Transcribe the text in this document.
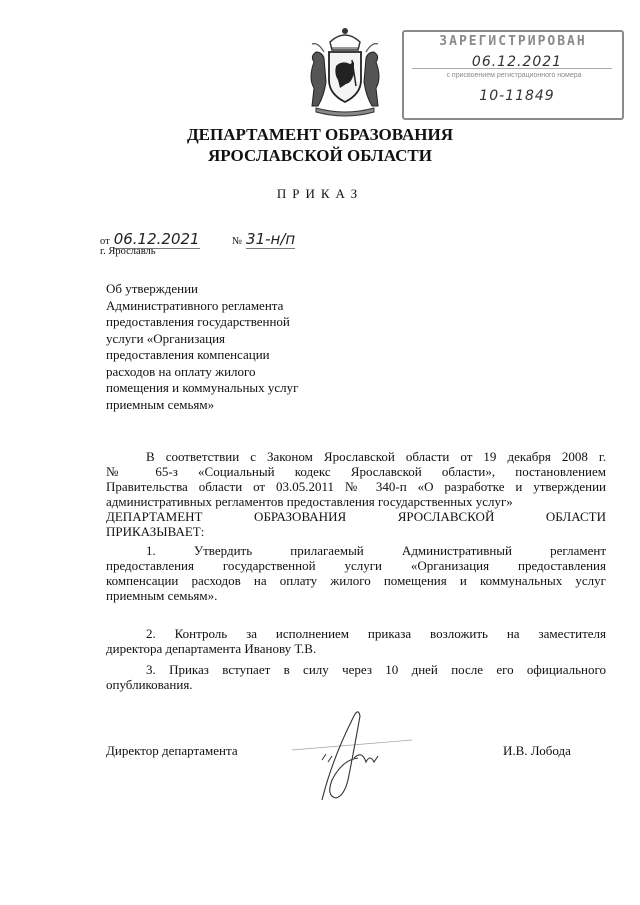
ЗАРЕГИСТРИРОВАН
06.12.2021
с присвоением регистрационного номера
10-11849
ДЕПАРТАМЕНТ ОБРАЗОВАНИЯ
ЯРОСЛАВСКОЙ ОБЛАСТИ
ПРИКАЗ
от 06.12.2021	№ 31-н/п
г. Ярославль
Об утверждении
Административного регламента
предоставления государственной
услуги «Организация
предоставления компенсации
расходов на оплату жилого
помещения и коммунальных услуг
приемным семьям»
В соответствии с Законом Ярославской области от 19 декабря 2008 г.
№ 65-з «Социальный кодекс Ярославской области», постановлением
Правительства области от 03.05.2011 № 340-п «О разработке и утверждении
административных регламентов предоставления государственных услуг»
ДЕПАРТАМЕНТ ОБРАЗОВАНИЯ ЯРОСЛАВСКОЙ ОБЛАСТИ
ПРИКАЗЫВАЕТ:
1. Утвердить прилагаемый Административный регламент
предоставления государственной услуги «Организация предоставления
компенсации расходов на оплату жилого помещения и коммунальных услуг
приемным семьям».
2. Контроль за исполнением приказа возложить на заместителя
директора департамента Иванову Т.В.
3. Приказ вступает в силу через 10 дней после его официального
опубликования.
Директор департамента	И.В. Лобода
